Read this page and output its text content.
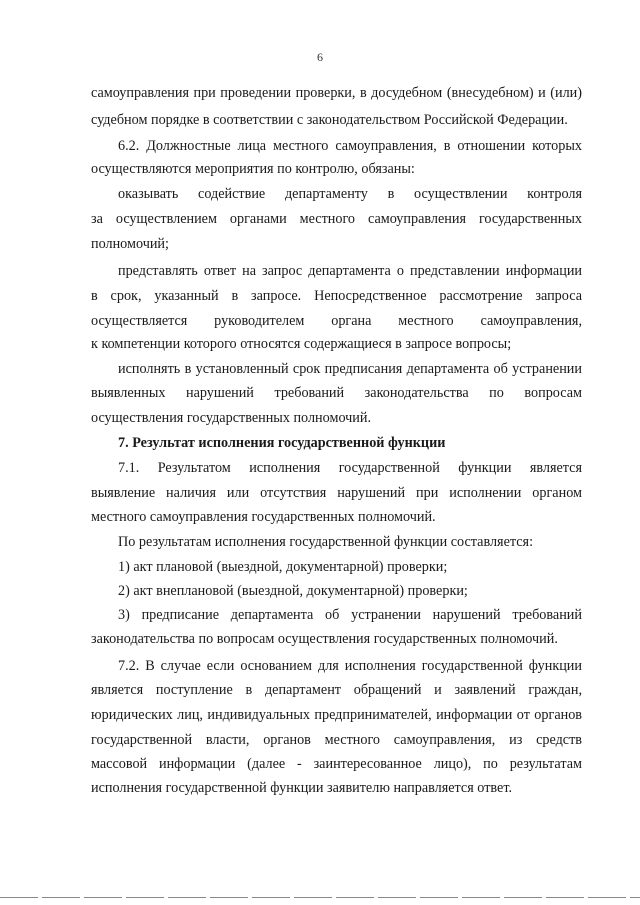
6
самоуправления при проведении проверки, в досудебном (внесудебном) и (или)
судебном порядке в соответствии с законодательством Российской Федерации.
6.2. Должностные лица местного самоуправления, в отношении которых
осуществляются мероприятия по контролю, обязаны:
оказывать содействие департаменту в осуществлении контроля
за осуществлением органами местного самоуправления государственных
полномочий;
представлять ответ на запрос департамента о представлении информации
в срок, указанный в запросе. Непосредственное рассмотрение запроса
осуществляется руководителем органа местного самоуправления,
к компетенции которого относятся содержащиеся в запросе вопросы;
исполнять в установленный срок предписания департамента об устранении
выявленных нарушений требований законодательства по вопросам
осуществления государственных полномочий.
7. Результат исполнения государственной функции
7.1. Результатом исполнения государственной функции является
выявление наличия или отсутствия нарушений при исполнении органом
местного самоуправления государственных полномочий.
По результатам исполнения государственной функции составляется:
1) акт плановой (выездной, документарной) проверки;
2) акт внеплановой (выездной, документарной) проверки;
3) предписание департамента об устранении нарушений требований
законодательства по вопросам осуществления государственных полномочий.
7.2. В случае если основанием для исполнения государственной функции
является поступление в департамент обращений и заявлений граждан,
юридических лиц, индивидуальных предпринимателей, информации от органов
государственной власти, органов местного самоуправления, из средств
массовой информации (далее - заинтересованное лицо), по результатам
исполнения государственной функции заявителю направляется ответ.
